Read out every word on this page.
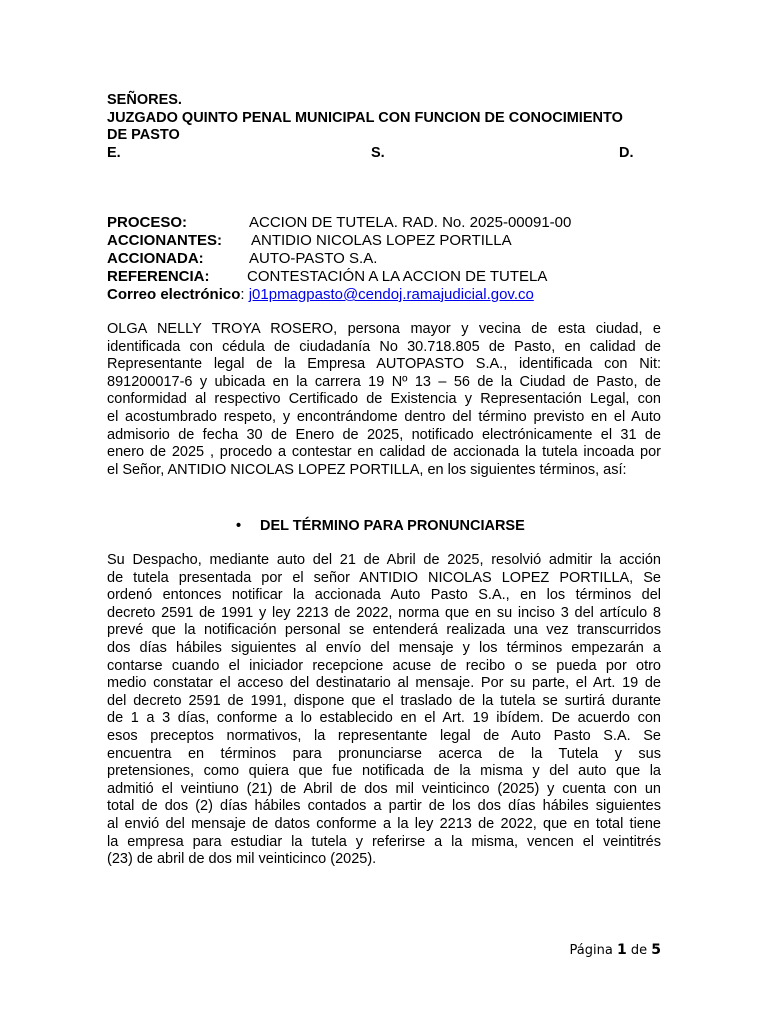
SEÑORES.
JUZGADO QUINTO PENAL MUNICIPAL CON FUNCION DE CONOCIMIENTO
DE PASTO
E.	S.	D.
PROCESO:	ACCION DE TUTELA. RAD. No. 2025-00091-00
ACCIONANTES: ANTIDIO NICOLAS LOPEZ PORTILLA
ACCIONADA:	AUTO-PASTO S.A.
REFERENCIA: CONTESTACIÓN A LA ACCION DE TUTELA
Correo electrónico: j01pmagpasto@cendoj.ramajudicial.gov.co
OLGA NELLY TROYA ROSERO, persona mayor y vecina de esta ciudad, e
identificada con cédula de ciudadanía No 30.718.805 de Pasto, en calidad de
Representante legal de la Empresa AUTOPASTO S.A., identificada con Nit:
891200017-6 y ubicada en la carrera 19 Nº 13 – 56 de la Ciudad de Pasto, de
conformidad al respectivo Certificado de Existencia y Representación Legal, con
el acostumbrado respeto, y encontrándome dentro del término previsto en el Auto
admisorio de fecha 30 de Enero de 2025, notificado electrónicamente el 31 de
enero de 2025 , procedo a contestar en calidad de accionada la tutela incoada por
el Señor, ANTIDIO NICOLAS LOPEZ PORTILLA, en los siguientes términos, así:
• DEL TÉRMINO PARA PRONUNCIARSE
Su Despacho, mediante auto del 21 de Abril de 2025, resolvió admitir la acción
de tutela presentada por el señor ANTIDIO NICOLAS LOPEZ PORTILLA, Se
ordenó entonces notificar la accionada Auto Pasto S.A., en los términos del
decreto 2591 de 1991 y ley 2213 de 2022, norma que en su inciso 3 del artículo 8
prevé que la notificación personal se entenderá realizada una vez transcurridos
dos días hábiles siguientes al envío del mensaje y los términos empezarán a
contarse cuando el iniciador recepcione acuse de recibo o se pueda por otro
medio constatar el acceso del destinatario al mensaje. Por su parte, el Art. 19 de
del decreto 2591 de 1991, dispone que el traslado de la tutela se surtirá durante
de 1 a 3 días, conforme a lo establecido en el Art. 19 ibídem. De acuerdo con
esos preceptos normativos, la representante legal de Auto Pasto S.A. Se
encuentra en términos para pronunciarse acerca de la Tutela y sus
pretensiones, como quiera que fue notificada de la misma y del auto que la
admitió el veintiuno (21) de Abril de dos mil veinticinco (2025) y cuenta con un
total de dos (2) días hábiles contados a partir de los dos días hábiles siguientes
al envió del mensaje de datos conforme a la ley 2213 de 2022, que en total tiene
la empresa para estudiar la tutela y referirse a la misma, vencen el veintitrés
(23) de abril de dos mil veinticinco (2025).
Página 1 de 5
